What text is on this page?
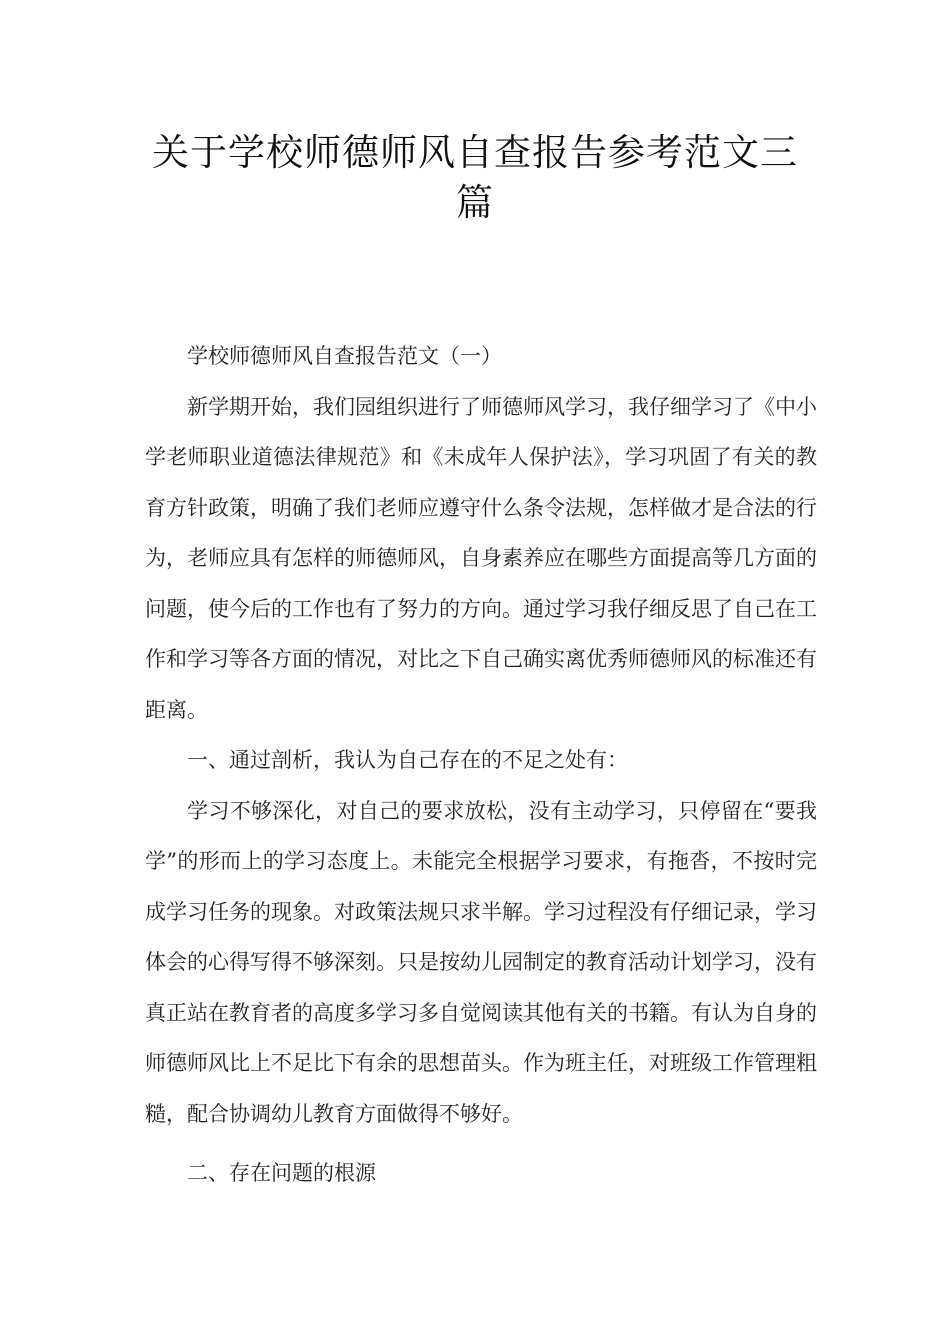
关于学校师德师风自查报告参考范文三
篇

学校师德师风自查报告范文（一）

新学期开始，我们园组织进行了师德师风学习，我仔细学习了《中小学老师职业道德法律规范》和《未成年人保护法》，学习巩固了有关的教育方针政策，明确了我们老师应遵守什么条令法规，怎样做才是合法的行为，老师应具有怎样的师德师风，自身素养应在哪些方面提高等几方面的问题，使今后的工作也有了努力的方向。通过学习我仔细反思了自己在工作和学习等各方面的情况，对比之下自己确实离优秀师德师风的标准还有距离。

一、通过剖析，我认为自己存在的不足之处有：

学习不够深化，对自己的要求放松，没有主动学习，只停留在“要我学”的形而上的学习态度上。未能完全根据学习要求，有拖沓，不按时完成学习任务的现象。对政策法规只求半解。学习过程没有仔细记录，学习体会的心得写得不够深刻。只是按幼儿园制定的教育活动计划学习，没有真正站在教育者的高度多学习多自觉阅读其他有关的书籍。有认为自身的师德师风比上不足比下有余的思想苗头。作为班主任，对班级工作管理粗糙，配合协调幼儿教育方面做得不够好。

二、存在问题的根源
